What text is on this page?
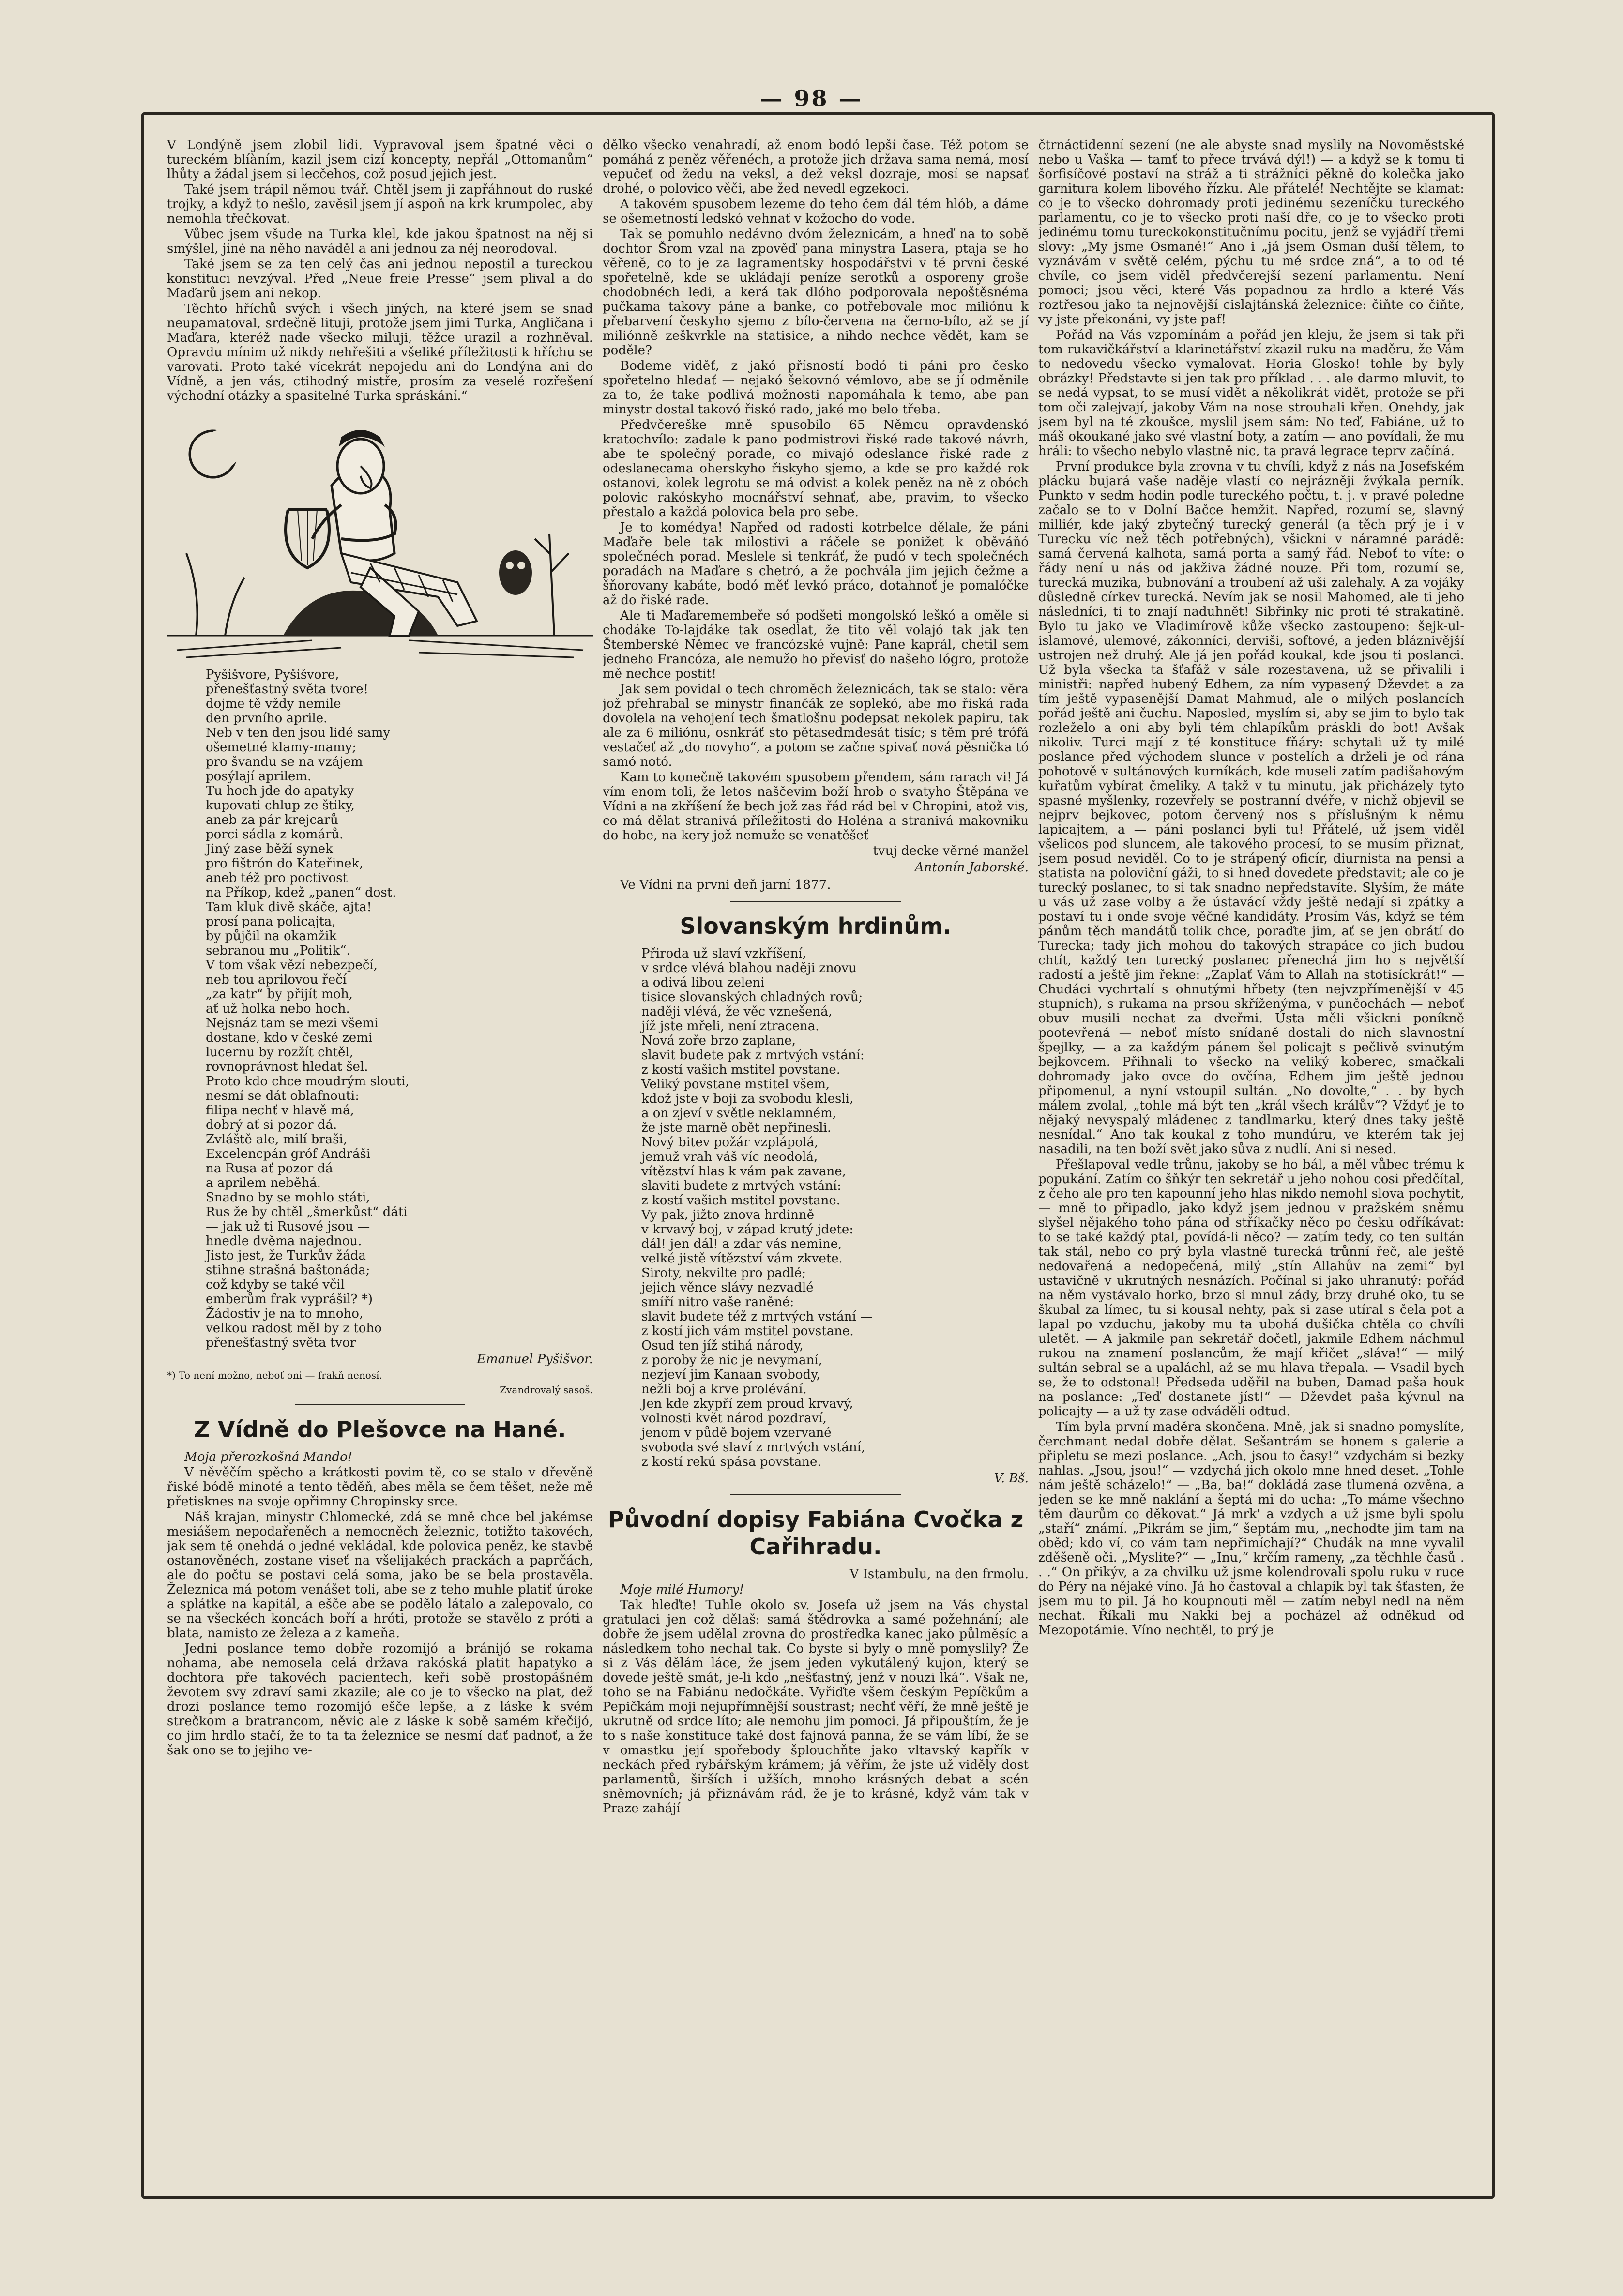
— 98 —

V Londýně jsem zlobil lidi. Vypravoval jsem špatné věci o tureckém blíàním, kazil jsem cizí koncepty, nepřál „Ottomanům“ lhůty a žádal jsem si lecčehos, což posud jejich jest.

Také jsem trápil němou tvář. Chtěl jsem ji zapřáhnout do ruské trojky, a když to nešlo, zavěsil jsem jí aspoň na krk krumpolec, aby nemohla třečkovat.

Vůbec jsem všude na Turka klel, kde jakou špatnost na něj si smýšlel, jiné na něho naváděl a ani jednou za něj neorodoval.

Také jsem se za ten celý čas ani jednou nepostil a tureckou konstituci nevzýval. Před „Neue freie Presse“ jsem plival a do Maďarů jsem ani nekop.

Těchto hříchů svých i všech jiných, na které jsem se snad neupamatoval, srdečně lituji, protože jsem jimi Turka, Angličana i Maďara, kteréž nade všecko miluji, těžce urazil a rozhněval. Opravdu mínim už nikdy nehřešiti a všeliké příležitosti k hříchu se varovati. Proto také vícekrát nepojedu ani do Londýna ani do Vídně, a jen vás, ctihodný mistře, prosím za veselé rozřešení východní otázky a spasitelné Turka spráskání.“

Pyšišvore, Pyšišvore,
přenešťastný světa tvore!
dojme tě vždy nemile
den prvního aprile.
Neb v ten den jsou lidé samy
ošemetné klamy-mamy;
pro švandu se na vzájem
posýlají aprilem.
Tu hoch jde do apatyky
kupovati chlup ze štiky,
aneb za pár krejcarů
porci sádla z komárů.
Jiný zase běží synek
pro fištrón do Kateřinek,
aneb též pro poctivost
na Příkop, kdež „panen“ dost.
Tam kluk divě skáče, ajta!
prosí pana policajta,
by půjčil na okamžik
sebranou mu „Politik“.
V tom však vězí nebezpečí,
neb tou aprilovou řečí
„za katr“ by přijít moh,
ať už holka nebo hoch.
Nejsnáz tam se mezi všemi
dostane, kdo v české zemi
lucernu by rozžít chtěl,
rovnoprávnost hledat šel.
Proto kdo chce moudrým slouti,
nesmí se dát oblafnouti:
filipa nechť v hlavě má,
dobrý ať si pozor dá.
Zvláště ale, milí braši,
Excelencpán gróf Andráši
na Rusa ať pozor dá
a aprilem neběhá.
Snadno by se mohlo státi,
Rus že by chtěl „šmerkůst“ dáti
— jak už ti Rusové jsou —
hnedle dvěma najednou.
Jisto jest, že Turkův žáda
stihne strašná baštonáda;
což kdyby se také včil
emberům frak vyprášil? *)
Žádostiv je na to mnoho,
velkou radost měl by z toho
přenešťastný světa tvor
Emanuel Pyšišvor.
*) To není možno, neboť oni — frakň nenosí.
Zvandrovalý sasoš.
Z Vídně do Plešovce na Hané.

Moja přerozkošná Mando!

V něvěčím spěcho a krátkosti povim tě, co se stalo v dřevěně řiské bódě minoté a tento těděň, abes měla se čem těšet, neže mě přetisknes na svoje opřimny Chropinsky srce.

Náš krajan, minystr Chlomecké, zdá se mně chce bel jakémse mesiášem nepodařeněch a nemocněch železnic, totižto takovéch, jak sem tě onehdá o jedné vekládal, kde polovica peněz, ke stavbě ostanověnéch, zostane viseť na všelijakéch prackách a paprčách, ale do počtu se postavi celá soma, jako be se bela prostavěla. Železnica má potom venášet toli, abe se z teho muhle platiť úroke a splátke na kapitál, a ešče abe se podělo látalo a zalepovalo, co se na všeckéch koncách boří a hróti, protože se stavělo z próti a blata, namisto ze železa a z kameňa.

Jedni poslance temo dobře rozomijó a brániјó se rokama nohama, abe nemosela celá država rakóská platit hapatyko a dochtora pře takovéch pacientech, keři sobě prostopášném ževotem svy zdraví sami zkazile; ale co je to všecko na plat, dež drozi poslance temo rozomijó ešče lepše, a z láske k svém strečkom a bratrancom, něvic ale z láske k sobě samém křečijó, co jim hrdlo stačí, že to ta ta železnice se nesmí dať padnoť, a že šak ono se to jejiho ve-

dělko všecko venahradí, až enom bodó lepší čase. Též potom se pomáhá z peněz věřenéch, a protože jich država sama nemá, mosí vepučeť od žedu na veksl, a dež veksl dozraje, mosí se napsať drohé, o polovico věči, abe žed nevedl egzekoci.

A takovém spusobem lezeme do teho čem dál tém hlób, a dáme se ošemetností ledskó vehnať v kožocho do vode.

Tak se pomuhlo nedávno dvóm železnicám, a hneď na to sobě dochtor Šrom vzal na zpověď pana minystra Lasera, ptaja se ho věřeně, co to je za lagramentsky hospodářstvi v té prvni české spořetelně, kde se ukládají peníze serotků a osporeny groše chodobnéch ledi, a kerá tak dlóho podporovala nepoštěsnéma pučkama takovy páne a banke, co potřebovale moc miliónu k přebarvení českyho sjemo z bílo-červena na černo-bílo, až se jí miliónně zeškvrkle na statisice, a nihdo nechce vědět, kam se poděle?

Bodeme viděť, z jakó přísností bodó ti páni pro česko spořetelno hledať — nejakó šekovnó vémlovo, abe se jí odměnile za to, že take podlivá možnosti napomáhala k temo, abe pan minystr dostal takovó řiskó rado, jaké mo belo třeba.

Předvčereške mně spusobilo 65 Němcu opravdenskó kratochvílo: zadale k pano podmistrovi řiské rade takové návrh, abe te společný porade, co mivajó odeslance řiské rade z odeslanecama oherskyho řiskyho sjemo, a kde se pro každé rok ostanovi, kolek legrotu se má odvist a kolek peněz na ně z obóch polovic rakóskyho mocnářství sehnať, abe, pravim, to všecko přestalo a každá polovica bela pro sebe.

Je to komédya! Napřed od radosti kotrbelce dělale, že páni Maďaře bele tak milostivi a ráčele se ponižet k oběváňó společnéch porad. Meslele si tenkráť, že pudó v tech společnéch poradách na Maďare s chetró, a že pochvála jim jejich čežme a šňorovany kabáte, bodó měť levkó práco, dotahnoť je pomalóčke až do řiské rade.

Ale ti Maďaremembeře só podšeti mongolskó leškó a oměle si chodáke To-lajdáke tak osedlat, že tito věl volajó tak jak ten Štemberské Němec ve francózské vujně: Pane kaprál, chetil sem jedneho Francóza, ale nemužo ho převisť do našeho lógro, protože mě nechce postit!

Jak sem povidal o tech chroměch železnicách, tak se stalo: věra jož přehrabal se minystr finančák ze soplekó, abe mo řiská rada dovolela na vehojení tech šmatlošnu podepsat nekolek papiru, tak ale za 6 miliónu, osnkráť sto pětasedmdesát tisíc; s těm pré trófá vestačeť až „do novyho“, a potom se začne spivať nová pěsnička tó samó notó.

Kam to konečně takovém spusobem přendem, sám rarach vi! Já vím enom toli, že letos naščevim boží hrob o svatyho Štěpána ve Vídni a na zkříšení že bech jož zas řád rád bel v Chropini, atož vis, co má dělat stranivá příležitosti do Holéna a stranivá makovniku do hobe, na kery jož nemuže se venatěšeť

tvuj decke věrné manžel

Antonín Jaborské.

Ve Vídni na prvni deň jarní 1877.

Slovanským hrdinům.
Přiroda už slaví vzkříšení,
v srdce vlévá blahou naději znovu
a odivá libou zeleni
tisice slovanských chladných rovů;
naději vlévá, že věc vznešená,
jíž jste mřeli, není ztracena.
Nová zoře brzo zaplane,
slavit budete pak z mrtvých vstání:
z kostí vašich mstitel povstane.
Veliký povstane mstitel všem,
kdož jste v boji za svobodu klesli,
a on zjeví v světle neklamném,
že jste marně obět nepřinesli.
Nový bitev požár vzplápolá,
jemuž vrah váš víc neodolá,
vítězství hlas k vám pak zavane,
slaviti budete z mrtvých vstání:
z kostí vašich mstitel povstane.
Vy pak, jižto znova hrdinně
v krvavý boj, v západ krutý jdete:
dál! jen dál! a zdar vás nemine,
velké jistě vítězství vám zkvete.
Siroty, nekvilte pro padlé;
jejich věnce slávy nezvadlé
smíří nitro vaše raněné:
slavit budete též z mrtvých vstání —
z kostí jich vám mstitel povstane.
Osud ten jíž stihá národy,
z poroby že nic je nevymaní,
nezjeví jim Kanaan svobody,
nežli boj a krve prolévání.
Jen kde zkypří zem proud krvavý,
volnosti květ národ pozdraví,
jenom v půdě bojem vzervané
svoboda své slaví z mrtvých vstání,
z kostí rekú spása povstane.
V. Bš.
Původní dopisy Fabiána Cvočka z Cařihradu.

V Istambulu, na den frmolu.

Moje milé Humory!

Tak hleďte! Tuhle okolo sv. Josefa už jsem na Vás chystal gratulaci jen což dělaš: samá štědrovka a samé požehnání; ale dobře že jsem udělal zrovna do prostředka kanec jako půlměsíc a následkem toho nechal tak. Co byste si byly o mně pomyslily? Že si z Vás dělám láce, že jsem jeden vykutálený kujon, který se dovede ještě smát, je-li kdo „nešťastný, jenž v nouzi lká“. Však ne, toho se na Fabiánu nedočkáte. Vyřiďte všem českým Pepíčkům a Pepičkám moji nejupřímnější soustrast; nechť věří, že mně ještě je ukrutně od srdce líto; ale nemohu jim pomoci. Já připouštím, že je to s naše konstituce také dost fajnová panna, že se vám líbí, že se v omastku její spořebody šplouchňte jako vltavský kapřík v neckách před rybářským krámem; já věřím, že jste už viděly dost parlamentů, širších i užších, mnoho krásných debat a scén sněmovních; já přiznávám rád, že je to krásné, když vám tak v Praze zahájí

čtrnáctidenní sezení (ne ale abyste snad myslily na Novoměstské nebo u Vaška — tamť to přece trvává dýl!) — a když se k tomu ti šorfisíčové postaví na stráž a ti strážníci pěkně do kolečka jako garnitura kolem libového řízku. Ale přátelé! Nechtějte se klamat: co je to všecko dohromady proti jedinému sezeníčku tureckého parlamentu, co je to všecko proti naší dře, co je to všecko proti jedinému tomu tureckokonstitučnímu pocitu, jenž se vyjádří třemi slovy: „My jsme Osmané!“ Ano i „já jsem Osman duší tělem, to vyznávám v světě celém, pýchu tu mé srdce zná“, a to od té chvíle, co jsem viděl předvčerejší sezení parlamentu. Není pomoci; jsou věci, které Vás popadnou za hrdlo a které Vás roztřesou jako ta nejnovější cislajtánská železnice: čiňte co čiňte, vy jste překonáni, vy jste paf!

Pořád na Vás vzpomínám a pořád jen kleju, že jsem si tak při tom rukavičkářství a klarinetářství zkazil ruku na maděru, že Vám to nedovedu všecko vymalovat. Horia Glosko! tohle by byly obrázky! Představte si jen tak pro příklad . . . ale darmo mluvit, to se nedá vypsat, to se musí vidět a několikrát vidět, protože se při tom oči zalejvají, jakoby Vám na nose strouhali křen. Onehdy, jak jsem byl na té zkoušce, myslil jsem sám: No teď, Fabiáne, už to máš okoukané jako své vlastní boty, a zatím — ano povídali, že mu hráli: to všecho nebylo vlastně nic, ta pravá legrace teprv začíná.

První produkce byla zrovna v tu chvíli, když z nás na Josefském plácku bujará vaše naděje vlastí co nejrázněji žvýkala perník. Punkto v sedm hodin podle tureckého počtu, t. j. v pravé poledne začalo se to v Dolní Bačce hemžit. Napřed, rozumí se, slavný milliér, kde jaký zbytečný turecký generál (a těch prý je i v Turecku víc než těch potřebných), všickni v náramné parádě: samá červená kalhota, samá porta a samý řád. Neboť to víte: o řády není u nás od jakživa žádné nouze. Při tom, rozumí se, turecká muzika, bubnování a troubení až uši zalehaly. A za vojáky důsledně církev turecká. Nevím jak se nosil Mahomed, ale ti jeho následníci, ti to znají naduhnět! Sibřinky nic proti té strakatině. Bylo tu jako ve Vladimírově kůže všecko zastoupeno: šejk-ul-islamové, ulemové, zákonníci, derviši, softové, a jeden bláznivější ustrojen než druhý. Ale já jen pořád koukal, kde jsou ti poslanci. Už byla všecka ta šťafáž v sále rozestavena, už se přivalili i ministři: napřed hubený Edhem, za ním vypasený Dževdet a za tím ještě vypasenější Damat Mahmud, ale o milých poslancích pořád ještě ani čuchu. Naposled, myslím si, aby se jim to bylo tak rozleželo a oni aby byli tém chlapíkům práskli do bot! Avšak nikoliv. Turci mají z té konstituce fňáry: schytali už ty milé poslance před východem slunce v postelích a drželi je od rána pohotově v sultánových kurníkách, kde museli zatím padišahovým kuřatům vybírat čmeliky. A takž v tu minutu, jak přicházely tyto spasné myšlenky, rozevřely se postranní dvéře, v nichž objevil se nejprv bejkovec, potom červený nos s příslušným k němu lapicajtem, a — páni poslanci byli tu! Přátelé, už jsem viděl všelicos pod sluncem, ale takového procesí, to se musím přiznat, jsem posud neviděl. Co to je strápený oficír, diurnista na pensi a statista na poloviční gáži, to si hned dovedete představit; ale co je turecký poslanec, to si tak snadno nepředstavíte. Slyším, že máte u vás už zase volby a že ústavácí vždy ještě nedají si zpátky a postaví tu i onde svoje věčné kandidáty. Prosím Vás, když se tém pánům těch mandátů tolik chce, poraďte jim, ať se jen obrátí do Turecka; tady jich mohou do takových strapáce co jich budou chtít, každý ten turecký poslanec přenechá jim ho s největší radostí a ještě jim řekne: „Zaplať Vám to Allah na stotisíckrát!“ — Chudáci vychrtalí s ohnutými hřbety (ten nejvzpřímenější v 45 stupních), s rukama na prsou skříženýma, v punčochách — neboť obuv musili nechat za dveřmi. Ústa měli všickni poníkně pootevřená — neboť místo snídaně dostali do nich slavnostní špejlky, — a za každým pánem šel policajt s pečlivě svinutým bejkovcem. Přihnali to všecko na veliký koberec, smačkali dohromady jako ovce do ovčína, Edhem jim ještě jednou připomenul, a nyní vstoupil sultán. „No dovolte,“ . . by bych málem zvolal, „tohle má být ten „král všech králův“? Vždyť je to nějaký nevyspalý mládenec z tandlmarku, který dnes taky ještě nesnídal.“ Ano tak koukal z toho mundúru, ve kterém tak jej nasadili, na ten boží svět jako sůva z nudlí. Ani si nesed.

Přešlapoval vedle trůnu, jakoby se ho bál, a měl vůbec trému k popukání. Zatím co šňkýr ten sekretář u jeho nohou cosi předčítal, z čeho ale pro ten kapounní jeho hlas nikdo nemohl slova pochytit, — mně to připadlo, jako když jsem jednou v pražském sněmu slyšel nějakého toho pána od stříkačky něco po česku odříkávat: to se také každý ptal, povídá-li něco? — zatím tedy, co ten sultán tak stál, nebo co prý byla vlastně turecká trůnní řeč, ale ještě nedovařená a nedopečená, milý „stín Allahův na zemi“ byl ustavičně v ukrutných nesnázích. Počínal si jako uhranutý: pořád na něm vystávalo horko, brzo si mnul zády, brzy druhé oko, tu se škubal za límec, tu si kousal nehty, pak si zase utíral s čela pot a lapal po vzduchu, jakoby mu ta ubohá dušička chtěla co chvíli uletět. — A jakmile pan sekretář dočetl, jakmile Edhem náchmul rukou na znamení poslancům, že mají křičet „sláva!“ — milý sultán sebral se a upaláchl, až se mu hlava třepala. — Vsadil bych se, že to odstonal! Předseda uděřil na buben, Damad paša houk na poslance: „Teď dostanete jíst!“ — Dževdet paša kývnul na policajty — a už ty zase odváděli odtud.

Tím byla první maděra skončena. Mně, jak si snadno pomyslíte, čerchmant nedal dobře dělat. Sešantrám se honem s galerie a připletu se mezi poslance. „Ach, jsou to časy!“ vzdychám si bezky nahlas. „Jsou, jsou!“ — vzdychá jich okolo mne hned deset. „Tohle nám ještě scházelo!“ — „Ba, ba!“ dokládá zase tlumená ozvěna, a jeden se ke mně naklání a šeptá mi do ucha: „To máme všechno těm ďaurům co děkovat.“ Já mrk' a vzdych a už jsme byli spolu „staří“ známí. „Pikrám se jim,“ šeptám mu, „nechodte jim tam na oběd; kdo ví, co vám tam nepřimíchají?“ Chudák na mne vyvalil zděšeně oči. „Myslite?“ — „Inu,“ krčím rameny, „za těchhle časů . . .“ On přikýv, a za chvilku už jsme kolendrovali spolu ruku v ruce do Péry na nějaké víno. Já ho častoval a chlapík byl tak šťasten, že jsem mu to pil. Já ho koupnouti měl — zatím nebyl nedl na něm nechat. Říkali mu Nakki bej a pocházel až odněkud od Mezopotámie. Víno nechtěl, to prý je
